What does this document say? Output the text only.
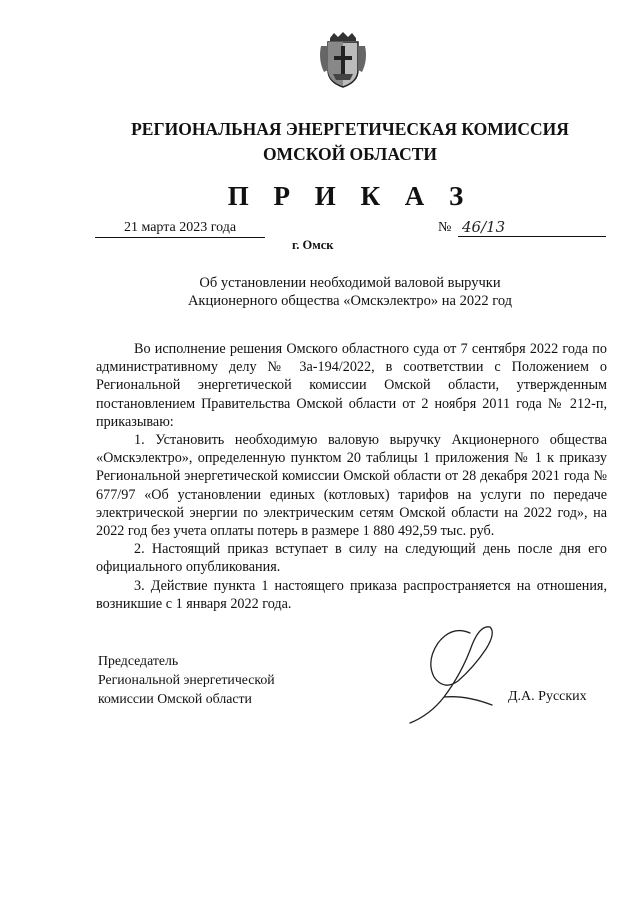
РЕГИОНАЛЬНАЯ ЭНЕРГЕТИЧЕСКАЯ КОМИССИЯ
ОМСКОЙ ОБЛАСТИ
П Р И К А З
21 марта 2023 года	№ 46/13
г. Омск
Об установлении необходимой валовой выручки
Акционерного общества «Омскэлектро» на 2022 год

Во исполнение решения Омского областного суда от 7 сентября 2022 года по административному делу № 3а-194/2022, в соответствии с Положением о Региональной энергетической комиссии Омской области, утвержденным постановлением Правительства Омской области от 2 ноября 2011 года № 212-п, приказываю:

1. Установить необходимую валовую выручку Акционерного общества «Омскэлектро», определенную пунктом 20 таблицы 1 приложения № 1 к приказу Региональной энергетической комиссии Омской области от 28 декабря 2021 года № 677/97 «Об установлении единых (котловых) тарифов на услуги по передаче электрической энергии по электрическим сетям Омской области на 2022 год», на 2022 год без учета оплаты потерь в размере 1 880 492,59 тыс. руб.

2. Настоящий приказ вступает в силу на следующий день после дня его официального опубликования.

3. Действие пункта 1 настоящего приказа распространяется на отношения, возникшие с 1 января 2022 года.

Председатель
Региональной энергетической
комиссии Омской области	Д.А. Русских
